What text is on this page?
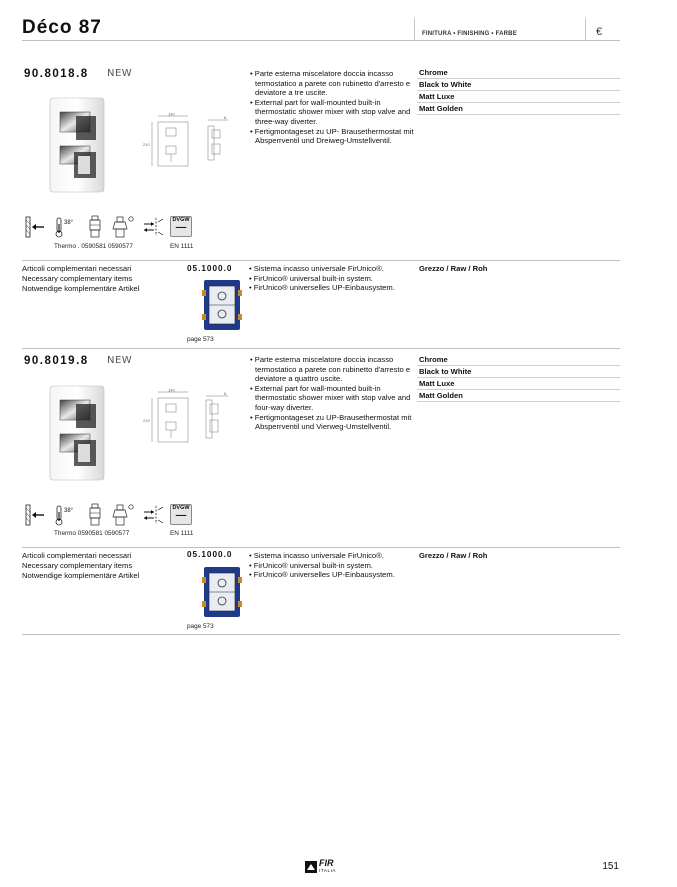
Déco 87	FINITURA • FINISHING • FARBE	€
90.8018.8 NEW
140
210
8
• Parte esterna miscelatore doccia incasso termostatico a parete con rubinetto d'arresto e deviatore a tre uscite.
• External part for wall-mounted built-in thermostatic shower mixer with stop valve and three-way diverter.
• Fertigmontageset zu UP- Brausethermostat mit Absperrventil und Dreiweg-Umstellventil.
Chrome
Black to White
Matt Luxe
Matt Golden
38°	DVGW
▬▬▬
Thermo . 0590581 0590577	EN 1111
Articoli complementari necessari
Necessary complementary items
Notwendige komplementäre Artikel
05.1000.0 • Sistema incasso universale FirUnico®.
• FirUnico® universal built-in system.
• FirUnico® universelles UP-Einbausystem.
Grezzo / Raw / Roh
page 573
90.8019.8 NEW
140
210
8
• Parte esterna miscelatore doccia incasso termostatico a parete con rubinetto d'arresto e deviatore a quattro uscite.
• External part for wall-mounted built-in thermostatic shower mixer with stop valve and four-way diverter.
• Fertigmontageset zu UP-Brausethermostat mit Absperrventil und Vierweg-Umstellventil.
Chrome
Black to White
Matt Luxe
Matt Golden
38°	DVGW
▬▬▬
Thermo 0590581 0590577	EN 1111
Articoli complementari necessari
Necessary complementary items
Notwendige komplementäre Artikel
05.1000.0 • Sistema incasso universale FirUnico®.
• FirUnico® universal built-in system.
• FirUnico® universelles UP-Einbausystem.
Grezzo / Raw / Roh
page 573
FIR
ITALIA	151
